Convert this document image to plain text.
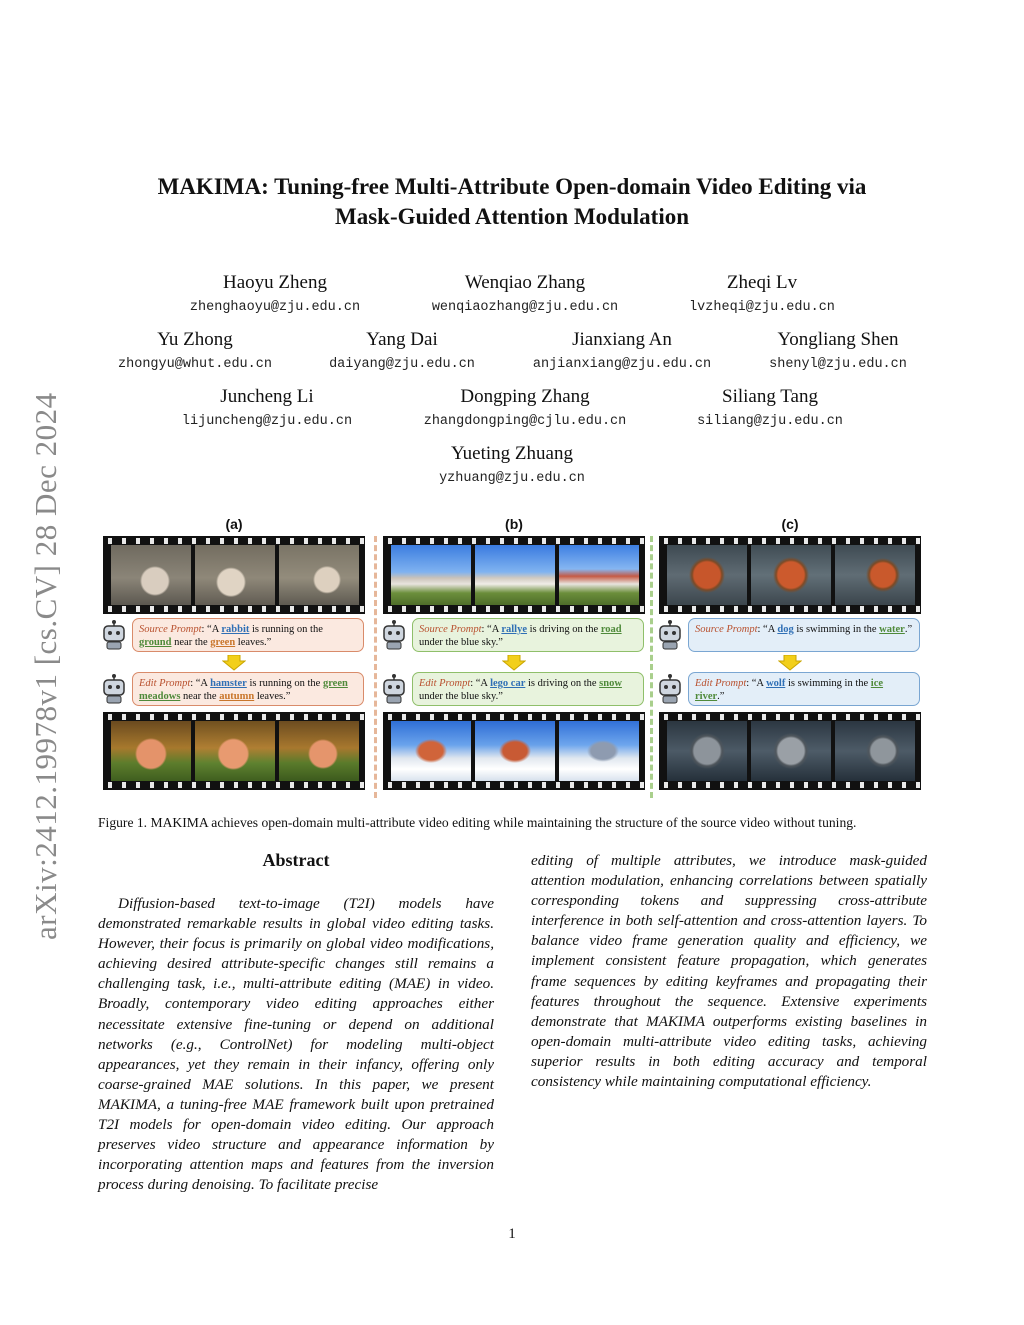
arXiv:2412.19978v1 [cs.CV] 28 Dec 2024
MAKIMA: Tuning-free Multi-Attribute Open-domain Video Editing via
Mask-Guided Attention Modulation
Haoyu Zheng
zhenghaoyu@zju.edu.cn
Wenqiao Zhang
wenqiaozhang@zju.edu.cn
Zheqi Lv
lvzheqi@zju.edu.cn
Yu Zhong
zhongyu@whut.edu.cn
Yang Dai
daiyang@zju.edu.cn
Jianxiang An
anjianxiang@zju.edu.cn
Yongliang Shen
shenyl@zju.edu.cn
Juncheng Li
lijuncheng@zju.edu.cn
Dongping Zhang
zhangdongping@cjlu.edu.cn
Siliang Tang
siliang@zju.edu.cn
Yueting Zhuang
yzhuang@zju.edu.cn
(a)
Source Prompt: “A rabbit is running on the ground near the green leaves.”
Edit Prompt: “A hamster is running on the green meadows near the autumn leaves.”
(b)
Source Prompt: “A rallye is driving on the road under the blue sky.”
Edit Prompt: “A lego car is driving on the snow under the blue sky.”
(c)
Source Prompt: “A dog is swimming in the water.”
Edit Prompt: “A wolf is swimming in the ice river.”
Figure 1. MAKIMA achieves open-domain multi-attribute video editing while maintaining the structure of the source video without tuning.
Abstract
Diffusion-based text-to-image (T2I) models have demonstrated remarkable results in global video editing tasks. However, their focus is primarily on global video modifications, achieving desired attribute-specific changes still remains a challenging task, i.e., multi-attribute editing (MAE) in video. Broadly, contemporary video editing approaches either necessitate extensive fine-tuning or depend on additional networks (e.g., ControlNet) for modeling multi-object appearances, yet they remain in their infancy, offering only coarse-grained MAE solutions. In this paper, we present MAKIMA, a tuning-free MAE framework built upon pretrained T2I models for open-domain video editing. Our approach preserves video structure and appearance information by incorporating attention maps and features from the inversion process during denoising. To facilitate precise
editing of multiple attributes, we introduce mask-guided attention modulation, enhancing correlations between spatially corresponding tokens and suppressing cross-attribute interference in both self-attention and cross-attention layers. To balance video frame generation quality and efficiency, we implement consistent feature propagation, which generates frame sequences by editing keyframes and propagating their features throughout the sequence. Extensive experiments demonstrate that MAKIMA outperforms existing baselines in open-domain multi-attribute video editing tasks, achieving superior results in both editing accuracy and temporal consistency while maintaining computational efficiency.
1
